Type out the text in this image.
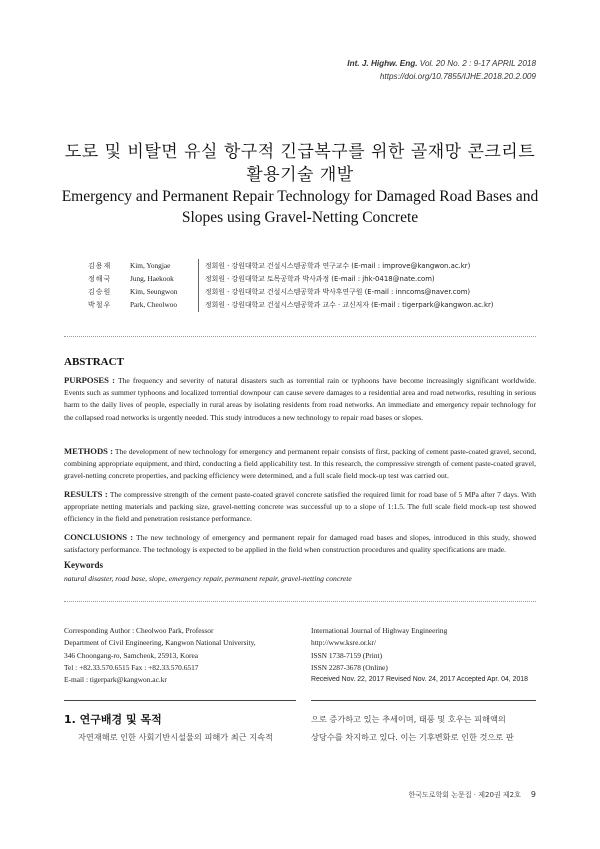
Int. J. Highw. Eng. Vol. 20 No. 2 : 9-17 APRIL 2018
https://doi.org/10.7855/IJHE.2018.20.2.009
도로 및 비탈면 유실 항구적 긴급복구를 위한 골재망 콘크리트
활용기술 개발
Emergency and Permanent Repair Technology for Damaged Road Bases and
Slopes using Gravel-Netting Concrete
김용재	Kim, Yongjae	정회원 · 강원대학교 건설시스템공학과 연구교수 (E-mail : improve@kangwon.ac.kr)
정해국	Jung, Haekook	정회원 · 강원대학교 토목공학과 박사과정 (E-mail : jhk-0418@nate.com)
김승원	Kim, Seungwon	정회원 · 강원대학교 건설시스템공학과 박사후연구원 (E-mail : inncoms@naver.com)
박철우	Park, Cheolwoo	정회원 · 강원대학교 건설시스템공학과 교수 · 교신저자 (E-mail : tigerpark@kangwon.ac.kr)
ABSTRACT
PURPOSES : The frequency and severity of natural disasters such as torrential rain or typhoons have become increasingly significant worldwide. Events such as summer typhoons and localized torrential downpour can cause severe damages to a residential area and road networks, resulting in serious harm to the daily lives of people, especially in rural areas by isolating residents from road networks. An immediate and emergency repair technology for the collapsed road networks is urgently needed. This study introduces a new technology to repair road bases or slopes.
METHODS : The development of new technology for emergency and permanent repair consists of first, packing of cement paste-coated gravel, second, combining appropriate equipment, and third, conducting a field applicability test. In this research, the compressive strength of cement paste-coated gravel, gravel-netting concrete properties, and packing efficiency were determined, and a full scale field mock-up test was carried out.
RESULTS : The compressive strength of the cement paste-coated gravel concrete satisfied the required limit for road base of 5 MPa after 7 days. With appropriate netting materials and packing size, gravel-netting concrete was successful up to a slope of 1:1.5. The full scale field mock-up test showed efficiency in the field and penetration resistance performance.
CONCLUSIONS : The new technology of emergency and permanent repair for damaged road bases and slopes, introduced in this study, showed satisfactory performance. The technology is expected to be applied in the field when construction procedures and quality specifications are made.
Keywords
natural disaster, road base, slope, emergency repair, permanent repair, gravel-netting concrete
Corresponding Author : Cheolwoo Park, Professor
Department of Civil Engineering, Kangwon National University,
346 Choongang-ro, Samcheok, 25913, Korea
Tel : +82.33.570.6515 Fax : +82.33.570.6517
E-mail : tigerpark@kangwon.ac.kr
International Journal of Highway Engineering
http://www.ksre.or.kr/
ISSN 1738-7159 (Print)
ISSN 2287-3678 (Online)
Received Nov. 22, 2017 Revised Nov. 24, 2017 Accepted Apr. 04, 2018
1. 연구배경 및 목적
자연재해로 인한 사회기반시설물의 피해가 최근 지속적
으로 증가하고 있는 추세이며, 태풍 및 호우는 피해액의
상당수를 차지하고 있다. 이는 기후변화로 인한 것으로 판
한국도로학회 논문집 · 제20권 제2호 9
